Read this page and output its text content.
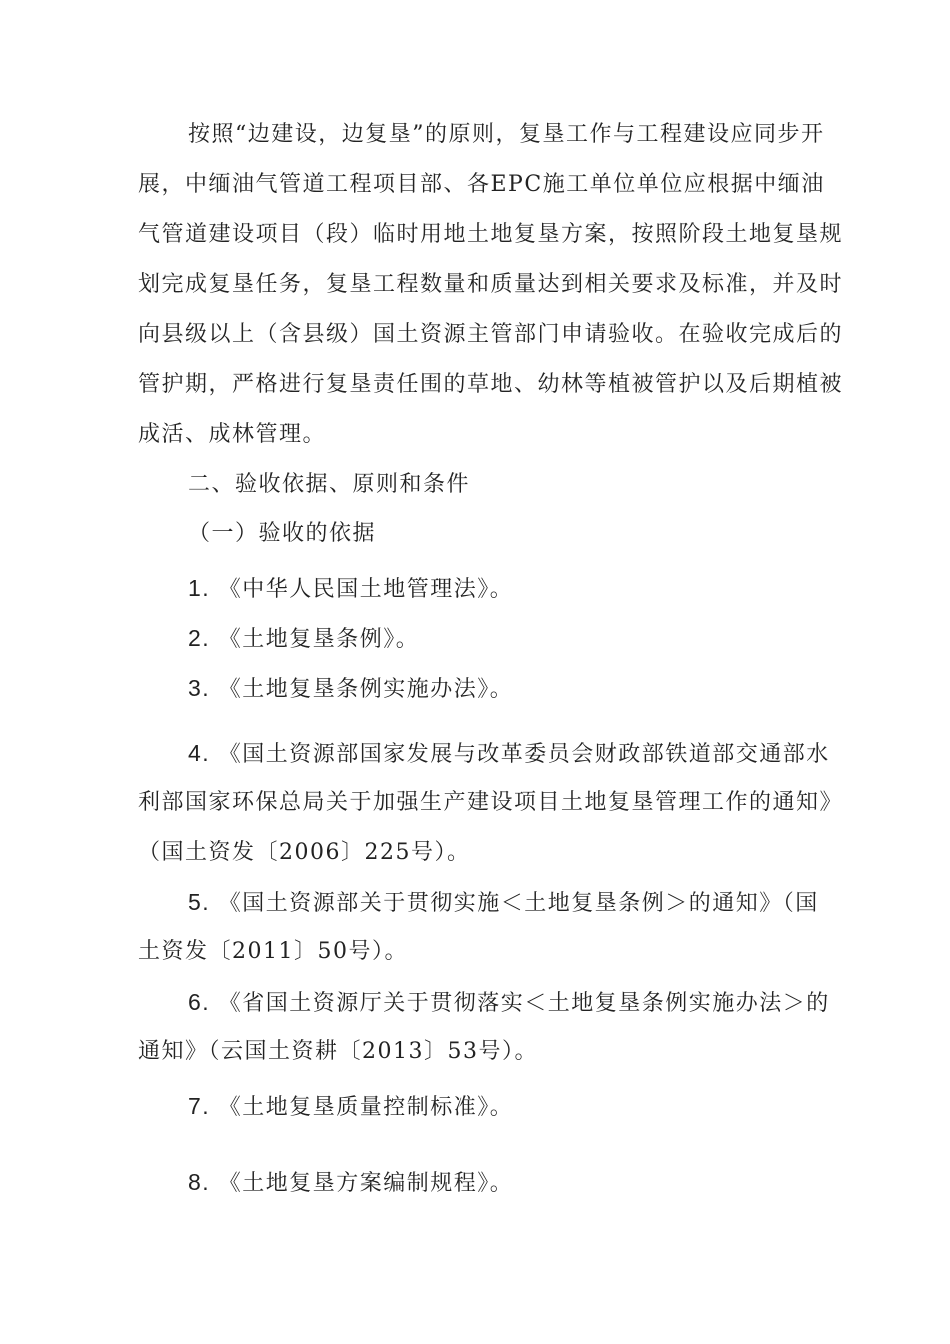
按照“边建设，边复垦”的原则，复垦工作与工程建设应同步开
展，中缅油气管道工程项目部、各EPC施工单位单位应根据中缅油
气管道建设项目（段）临时用地土地复垦方案，按照阶段土地复垦规
划完成复垦任务，复垦工程数量和质量达到相关要求及标准，并及时
向县级以上（含县级）国土资源主管部门申请验收。在验收完成后的
管护期，严格进行复垦责任围的草地、幼林等植被管护以及后期植被
成活、成林管理。
二、验收依据、原则和条件
（一）验收的依据
1. 《中华人民国土地管理法》。
2. 《土地复垦条例》。
3. 《土地复垦条例实施办法》。
4. 《国土资源部国家发展与改革委员会财政部铁道部交通部水
利部国家环保总局关于加强生产建设项目土地复垦管理工作的通知》
（国土资发〔2006〕225号）。
5. 《国土资源部关于贯彻实施＜土地复垦条例＞的通知》（国
土资发〔2011〕50号）。
6. 《省国土资源厅关于贯彻落实＜土地复垦条例实施办法＞的
通知》（云国土资耕〔2013〕53号）。
7. 《土地复垦质量控制标准》。
8. 《土地复垦方案编制规程》。
